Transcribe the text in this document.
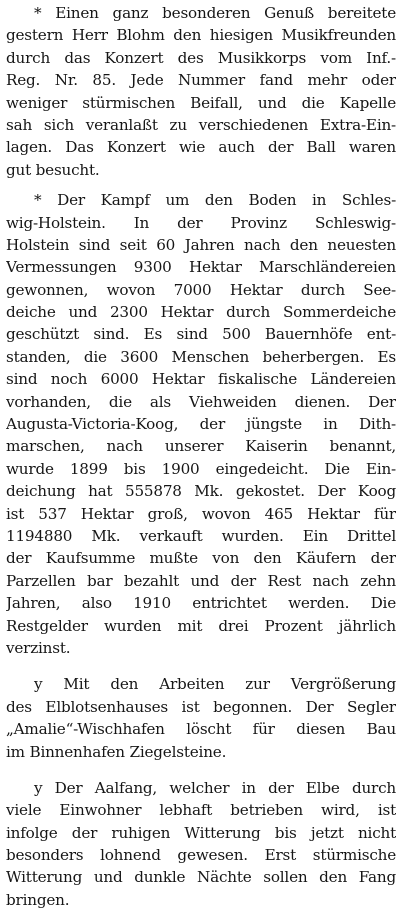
* Einen ganz besonderen Genuß bereitete
gestern Herr Blohm den hiesigen Musikfreunden
durch das Konzert des Musikkorps vom Inf.-
Reg. Nr. 85. Jede Nummer fand mehr oder
weniger stürmischen Beifall, und die Kapelle
sah sich veranlaßt zu verschiedenen Extra-Ein-
lagen. Das Konzert wie auch der Ball waren
gut besucht.
* Der Kampf um den Boden in Schles-
wig-Holstein. In der Provinz Schleswig-
Holstein sind seit 60 Jahren nach den neuesten
Vermessungen 9300 Hektar Marschländereien
gewonnen, wovon 7000 Hektar durch See-
deiche und 2300 Hektar durch Sommerdeiche
geschützt sind. Es sind 500 Bauernhöfe ent-
standen, die 3600 Menschen beherbergen. Es
sind noch 6000 Hektar fiskalische Ländereien
vorhanden, die als Viehweiden dienen. Der
Augusta-Victoria-Koog, der jüngste in Dith-
marschen, nach unserer Kaiserin benannt,
wurde 1899 bis 1900 eingedeicht. Die Ein-
deichung hat 555878 Mk. gekostet. Der Koog
ist 537 Hektar groß, wovon 465 Hektar für
1194880 Mk. verkauft wurden. Ein Drittel
der Kaufsumme mußte von den Käufern der
Parzellen bar bezahlt und der Rest nach zehn
Jahren, also 1910 entrichtet werden. Die
Restgelder wurden mit drei Prozent jährlich
verzinst.
y Mit den Arbeiten zur Vergrößerung
des Elblotsenhauses ist begonnen. Der Segler
„Amalie“-Wischhafen löscht für diesen Bau
im Binnenhafen Ziegelsteine.
y Der Aalfang, welcher in der Elbe durch
viele Einwohner lebhaft betrieben wird, ist
infolge der ruhigen Witterung bis jetzt nicht
besonders lohnend gewesen. Erst stürmische
Witterung und dunkle Nächte sollen den Fang
bringen.
